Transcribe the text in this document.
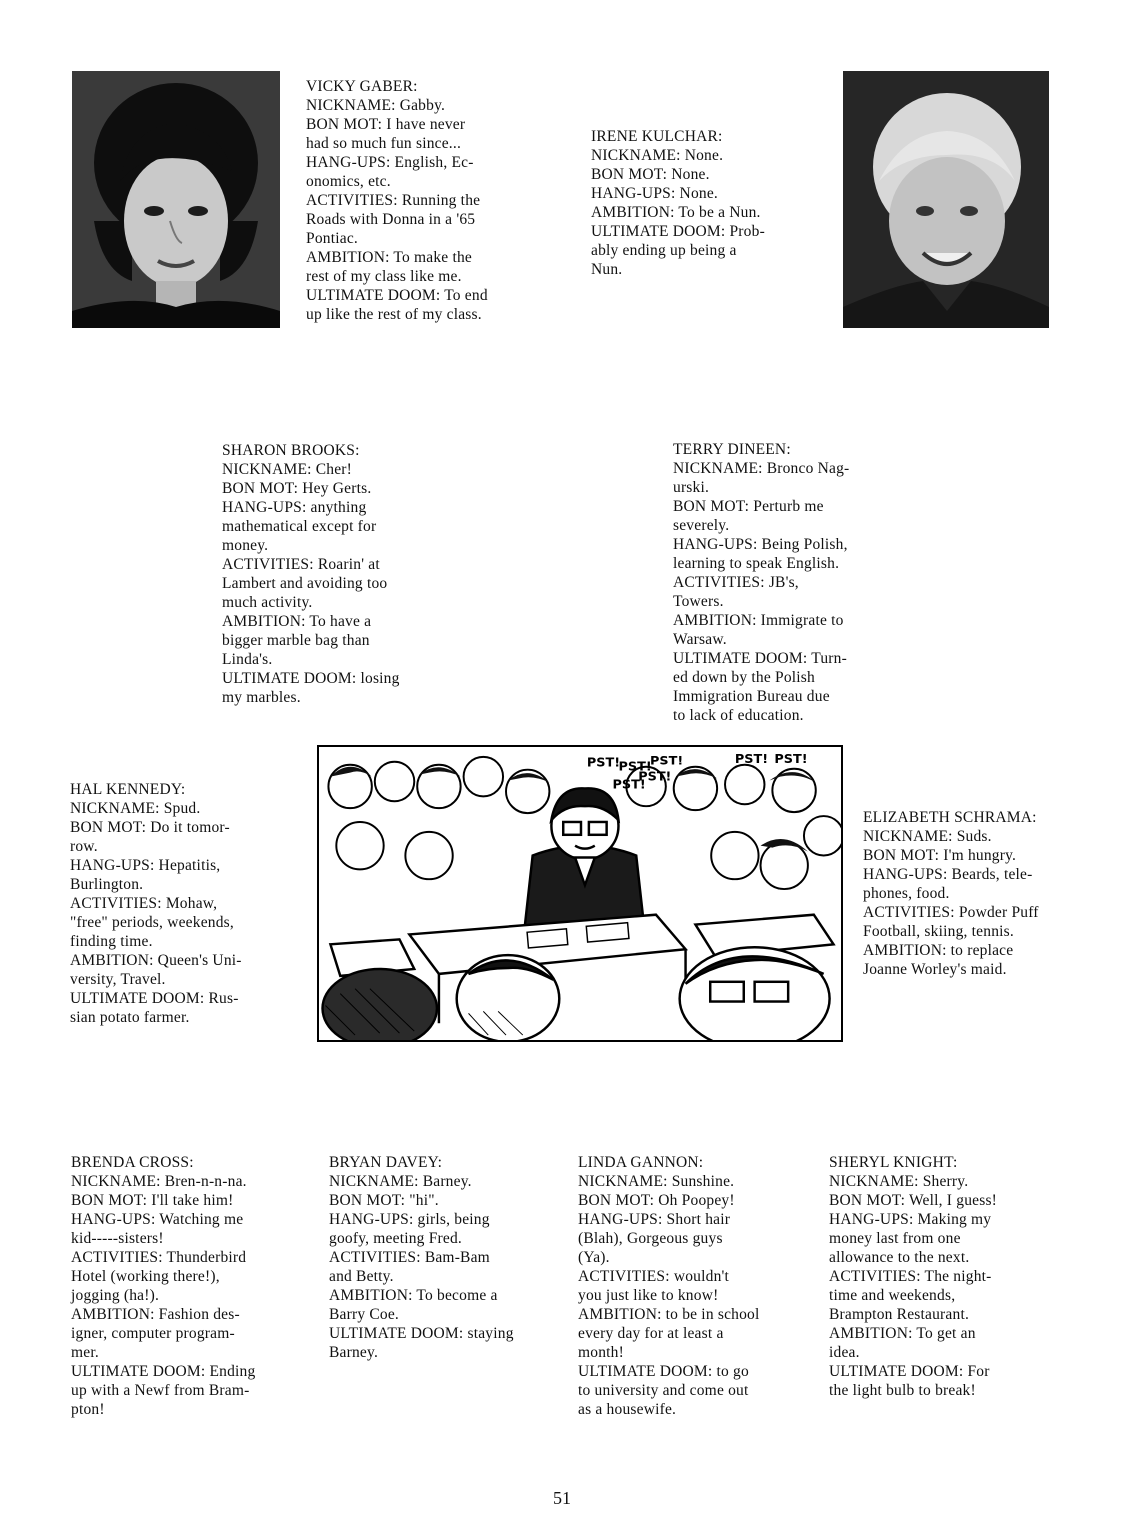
VICKY GABER:
NICKNAME: Gabby.
BON MOT: I have never
had so much fun since...
HANG-UPS: English, Ec-
onomics, etc.
ACTIVITIES: Running the
Roads with Donna in a '65
Pontiac.
AMBITION: To make the
rest of my class like me.
ULTIMATE DOOM: To end
up like the rest of my class.
IRENE KULCHAR:
NICKNAME: None.
BON MOT: None.
HANG-UPS: None.
AMBITION: To be a Nun.
ULTIMATE DOOM: Prob-
ably ending up being a
Nun.
SHARON BROOKS:
NICKNAME: Cher!
BON MOT: Hey Gerts.
HANG-UPS: anything
mathematical except for
money.
ACTIVITIES: Roarin' at
Lambert and avoiding too
much activity.
AMBITION: To have a
bigger marble bag than
Linda's.
ULTIMATE DOOM: losing
my marbles.
TERRY DINEEN:
NICKNAME: Bronco Nag-
urski.
BON MOT: Perturb me
severely.
HANG-UPS: Being Polish,
learning to speak English.
ACTIVITIES: JB's,
Towers.
AMBITION: Immigrate to
Warsaw.
ULTIMATE DOOM: Turn-
ed down by the Polish
Immigration Bureau due
to lack of education.
HAL KENNEDY:
NICKNAME: Spud.
BON MOT: Do it tomor-
row.
HANG-UPS: Hepatitis,
Burlington.
ACTIVITIES: Mohaw,
"free" periods, weekends,
finding time.
AMBITION: Queen's Uni-
versity, Travel.
ULTIMATE DOOM: Rus-
sian potato farmer.
ELIZABETH SCHRAMA:
NICKNAME: Suds.
BON MOT: I'm hungry.
HANG-UPS: Beards, tele-
phones, food.
ACTIVITIES: Powder Puff
Football, skiing, tennis.
AMBITION: to replace
Joanne Worley's maid.
BRENDA CROSS:
NICKNAME: Bren-n-n-na.
BON MOT: I'll take him!
HANG-UPS: Watching me
kid-----sisters!
ACTIVITIES: Thunderbird
Hotel (working there!),
jogging (ha!).
AMBITION: Fashion des-
igner, computer program-
mer.
ULTIMATE DOOM: Ending
up with a Newf from Bram-
pton!
BRYAN DAVEY:
NICKNAME: Barney.
BON MOT: "hi".
HANG-UPS: girls, being
goofy, meeting Fred.
ACTIVITIES: Bam-Bam
and Betty.
AMBITION: To become a
Barry Coe.
ULTIMATE DOOM: staying
Barney.
LINDA GANNON:
NICKNAME: Sunshine.
BON MOT: Oh Poopey!
HANG-UPS: Short hair
(Blah), Gorgeous guys
(Ya).
ACTIVITIES: wouldn't
you just like to know!
AMBITION: to be in school
every day for at least a
month!
ULTIMATE DOOM: to go
to university and come out
as a housewife.
SHERYL KNIGHT:
NICKNAME: Sherry.
BON MOT: Well, I guess!
HANG-UPS: Making my
money last from one
allowance to the next.
ACTIVITIES: The night-
time and weekends,
Brampton Restaurant.
AMBITION: To get an
idea.
ULTIMATE DOOM: For
the light bulb to break!
PST!
PST!
PST!
PST!
PST!
PST! PST!
51
